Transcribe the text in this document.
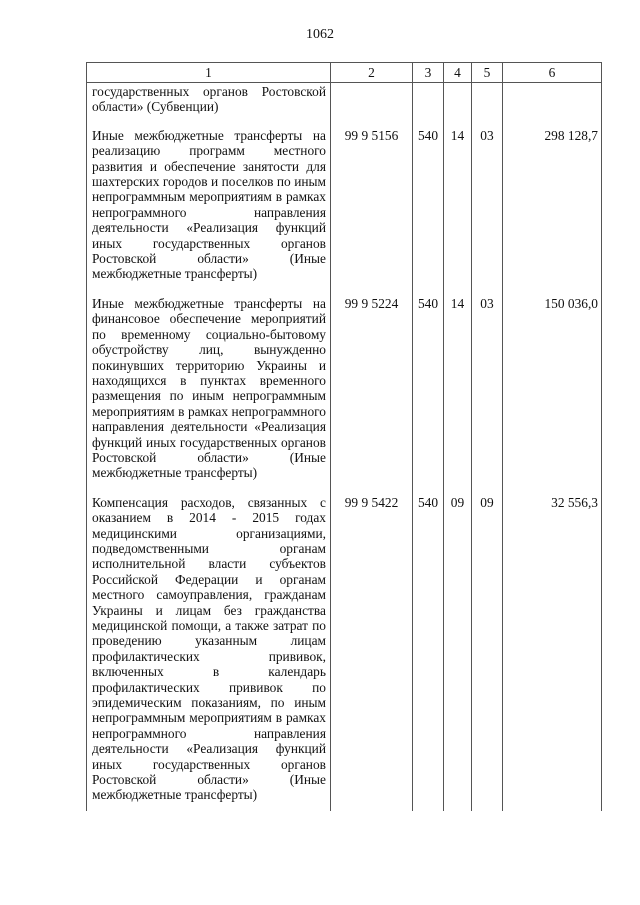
1062
1	2	3	4	5	6
государственных органов Ростовской области» (Субвенции)					
Иные межбюджетные трансферты на реализацию программ местного развития и обеспечение занятости для шахтерских городов и поселков по иным непрограммным мероприятиям в рамках непрограммного направления деятельности «Реализация функций иных государственных органов Ростовской области» (Иные межбюджетные трансферты)	99 9 5156	540	14	03	298 128,7
Иные межбюджетные трансферты на финансовое обеспечение мероприятий по временному социально-бытовому обустройству лиц, вынужденно покинувших территорию Украины и находящихся в пунктах временного размещения по иным непрограммным мероприятиям в рамках непрограммного направления деятельности «Реализация функций иных государственных органов Ростовской области» (Иные межбюджетные трансферты)	99 9 5224	540	14	03	150 036,0
Компенсация расходов, связанных с оказанием в 2014 - 2015 годах медицинскими организациями, подведомственными органам исполнительной власти субъектов Российской Федерации и органам местного самоуправления, гражданам Украины и лицам без гражданства медицинской помощи, а также затрат по проведению указанным лицам профилактических прививок, включенных в календарь профилактических прививок по эпидемическим показаниям, по иным непрограммным мероприятиям в рамках непрограммного направления деятельности «Реализация функций иных государственных органов Ростовской области» (Иные межбюджетные трансферты)	99 9 5422	540	09	09	32 556,3
